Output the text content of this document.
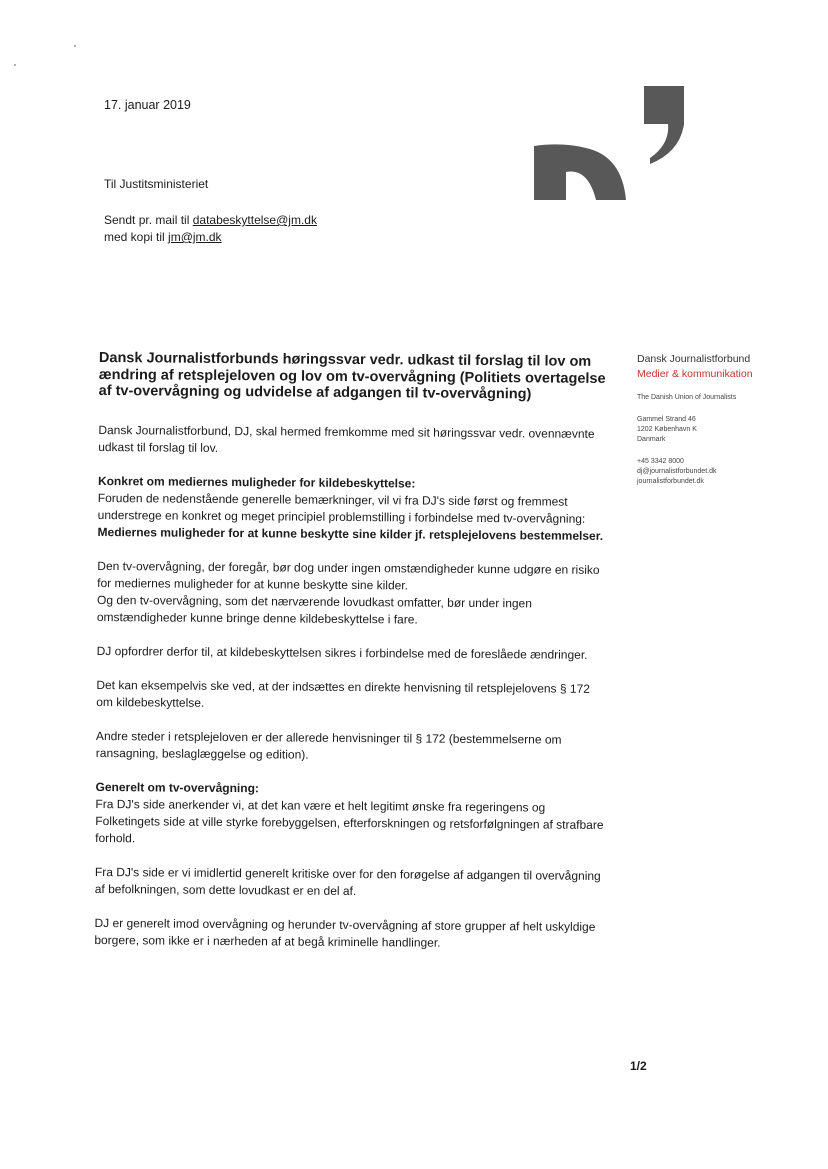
17. januar 2019
Til Justitsministeriet
Sendt pr. mail til databeskyttelse@jm.dk
med kopi til jm@jm.dk
Dansk Journalistforbund
Medier & kommunikation
The Danish Union of Journalists
Gammel Strand 46
1202 København K
Danmark
+45 3342 8000
dj@journalistforbundet.dk
journalistforbundet.dk
Dansk Journalistforbunds høringssvar vedr. udkast til forslag til lov om ændring af retsplejeloven og lov om tv-overvågning (Politiets overtagelse af tv-overvågning og udvidelse af adgangen til tv-overvågning)
Dansk Journalistforbund, DJ, skal hermed fremkomme med sit høringssvar vedr. ovennævnte udkast til forslag til lov.
Konkret om mediernes muligheder for kildebeskyttelse:
Foruden de nedenstående generelle bemærkninger, vil vi fra DJ's side først og fremmest understrege en konkret og meget principiel problemstilling i forbindelse med tv-overvågning: Mediernes muligheder for at kunne beskytte sine kilder jf. retsplejelovens bestemmelser.
Den tv-overvågning, der foregår, bør dog under ingen omstændigheder kunne udgøre en risiko for mediernes muligheder for at kunne beskytte sine kilder.
Og den tv-overvågning, som det nærværende lovudkast omfatter, bør under ingen omstændigheder kunne bringe denne kildebeskyttelse i fare.
DJ opfordrer derfor til, at kildebeskyttelsen sikres i forbindelse med de foreslåede ændringer.
Det kan eksempelvis ske ved, at der indsættes en direkte henvisning til retsplejelovens § 172 om kildebeskyttelse.
Andre steder i retsplejeloven er der allerede henvisninger til § 172 (bestemmelserne om ransagning, beslaglæggelse og edition).
Generelt om tv-overvågning:
Fra DJ's side anerkender vi, at det kan være et helt legitimt ønske fra regeringens og Folketingets side at ville styrke forebyggelsen, efterforskningen og retsforfølgningen af strafbare forhold.
Fra DJ's side er vi imidlertid generelt kritiske over for den forøgelse af adgangen til overvågning af befolkningen, som dette lovudkast er en del af.
DJ er generelt imod overvågning og herunder tv-overvågning af store grupper af helt uskyldige borgere, som ikke er i nærheden af at begå kriminelle handlinger.
1/2
